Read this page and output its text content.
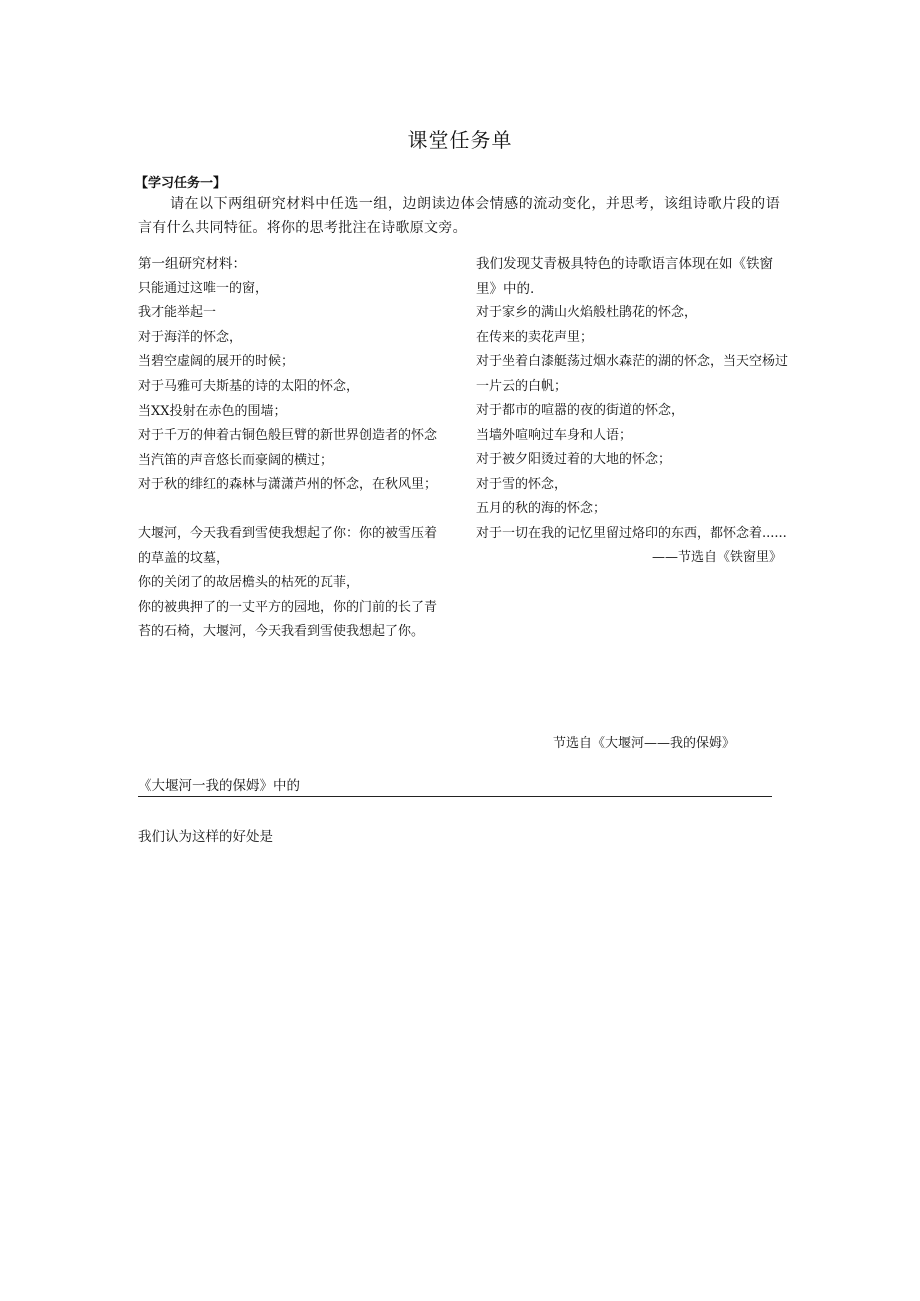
课堂任务单
【学习任务一】
请在以下两组研究材料中任选一组，边朗读边体会情感的流动变化，并思考，该组诗歌片段的语言有什么共同特征。将你的思考批注在诗歌原文旁。
第一组研究材料：
只能通过这唯一的窗，
我才能举起一
对于海洋的怀念，
当碧空虚阔的展开的时候；
对于马雅可夫斯基的诗的太阳的怀念，
当XX投射在赤色的围墙；
对于千万的伸着古铜色般巨臂的新世界创造者的怀念
当汽笛的声音悠长而豪阔的横过；
对于秋的绯红的森林与潇潇芦州的怀念，在秋风里；
大堰河，今天我看到雪使我想起了你：你的被雪压着的草盖的坟墓，
你的关闭了的故居檐头的枯死的瓦菲，
你的被典押了的一丈平方的园地，你的门前的长了青苔的石椅，大堰河，今天我看到雪使我想起了你。
节选自《大堰河——我的保姆》
我们发现艾青极具特色的诗歌语言体现在如《铁窗里》中的.
对于家乡的满山火焰般杜鹃花的怀念，
在传来的卖花声里；
对于坐着白漆艇荡过烟水森茫的湖的怀念，当天空杨过一片云的白帆；
对于都市的喧嚣的夜的街道的怀念，
当墙外喧响过车身和人语；
对于被夕阳烫过着的大地的怀念；
对于雪的怀念，
五月的秋的海的怀念；
对于一切在我的记忆里留过烙印的东西，都怀念着......
——节选自《铁窗里》
《大堰河一我的保姆》中的
我们认为这样的好处是
